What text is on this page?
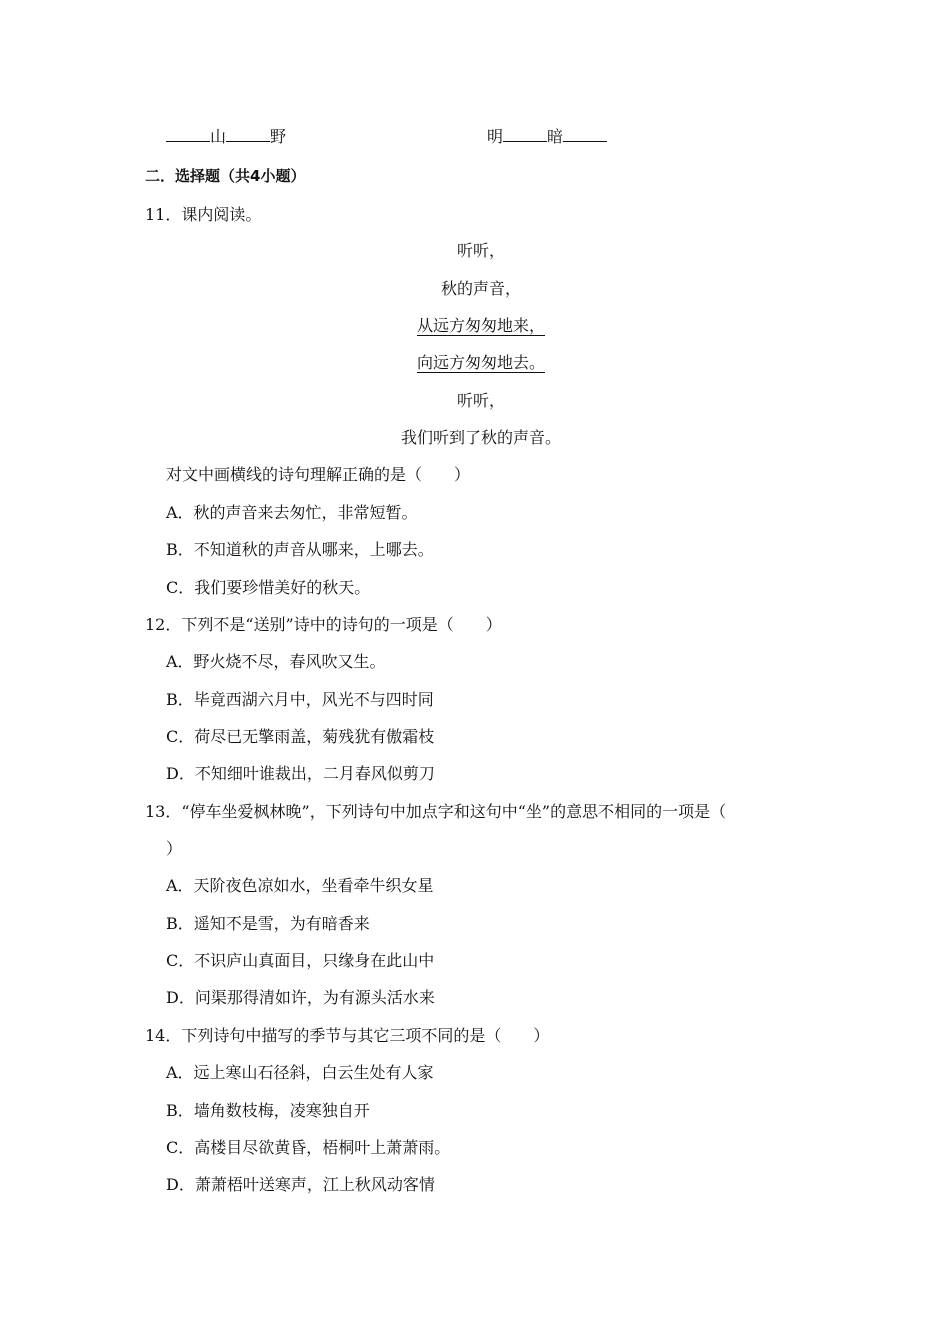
山	野	明	暗
二．选择题（共4小题）
11．课内阅读。
听听，
秋的声音，
从远方匆匆地来，
向远方匆匆地去。
听听，
我们听到了秋的声音。
对文中画横线的诗句理解正确的是（　　）
A．秋的声音来去匆忙，非常短暂。
B．不知道秋的声音从哪来，上哪去。
C．我们要珍惜美好的秋天。
12．下列不是“送别”诗中的诗句的一项是（　　）
A．野火烧不尽，春风吹又生。
B．毕竟西湖六月中，风光不与四时同
C．荷尽已无擎雨盖，菊残犹有傲霜枝
D．不知细叶谁裁出，二月春风似剪刀
13．“停车坐爱枫林晚”，下列诗句中加点字和这句中“坐”的意思不相同的一项是（
）
A．天阶夜色凉如水，坐看牵牛织女星
B．遥知不是雪，为有暗香来
C．不识庐山真面目，只缘身在此山中
D．问渠那得清如许，为有源头活水来
14．下列诗句中描写的季节与其它三项不同的是（　　）
A．远上寒山石径斜，白云生处有人家
B．墙角数枝梅，凌寒独自开
C．高楼目尽欲黄昏，梧桐叶上萧萧雨。
D．萧萧梧叶送寒声，江上秋风动客情
